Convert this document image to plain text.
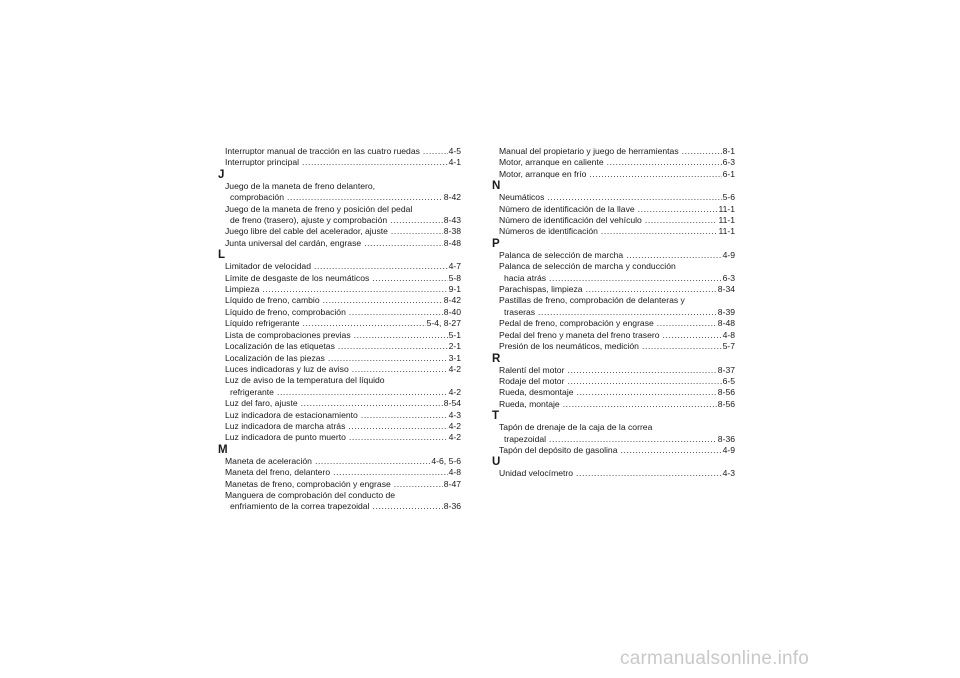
Interruptor manual de tracción en las cuatro ruedas .....	4-5
Interruptor principal .....	4-1
J
Juego de la maneta de freno delantero,
comprobación .....	8-42
Juego de la maneta de freno y posición del pedal
de freno (trasero), ajuste y comprobación .....	8-43
Juego libre del cable del acelerador, ajuste .....	8-38
Junta universal del cardán, engrase .....	8-48
L
Limitador de velocidad .....	4-7
Límite de desgaste de los neumáticos .....	5-8
Limpieza .....	9-1
Líquido de freno, cambio .....	8-42
Líquido de freno, comprobación .....	8-40
Líquido refrigerante .....	5-4, 8-27
Lista de comprobaciones previas .....	5-1
Localización de las etiquetas .....	2-1
Localización de las piezas .....	3-1
Luces indicadoras y luz de aviso .....	4-2
Luz de aviso de la temperatura del líquido
refrigerante .....	4-2
Luz del faro, ajuste .....	8-54
Luz indicadora de estacionamiento .....	4-3
Luz indicadora de marcha atrás .....	4-2
Luz indicadora de punto muerto .....	4-2
M
Maneta de aceleración .....	4-6, 5-6
Maneta del freno, delantero .....	4-8
Manetas de freno, comprobación y engrase .....	8-47
Manguera de comprobación del conducto de
enfriamiento de la correa trapezoidal .....	8-36
Manual del propietario y juego de herramientas .....	8-1
Motor, arranque en caliente .....	6-3
Motor, arranque en frío .....	6-1
N
Neumáticos .....	5-6
Número de identificación de la llave .....	11-1
Número de identificación del vehículo .....	11-1
Números de identificación .....	11-1
P
Palanca de selección de marcha .....	4-9
Palanca de selección de marcha y conducción
hacia atrás .....	6-3
Parachispas, limpieza .....	8-34
Pastillas de freno, comprobación de delanteras y
traseras .....	8-39
Pedal de freno, comprobación y engrase .....	8-48
Pedal del freno y maneta del freno trasero .....	4-8
Presión de los neumáticos, medición .....	5-7
R
Ralentí del motor .....	8-37
Rodaje del motor .....	6-5
Rueda, desmontaje .....	8-56
Rueda, montaje .....	8-56
T
Tapón de drenaje de la caja de la correa
trapezoidal .....	8-36
Tapón del depósito de gasolina .....	4-9
U
Unidad velocímetro .....	4-3
carmanualsonline.info
